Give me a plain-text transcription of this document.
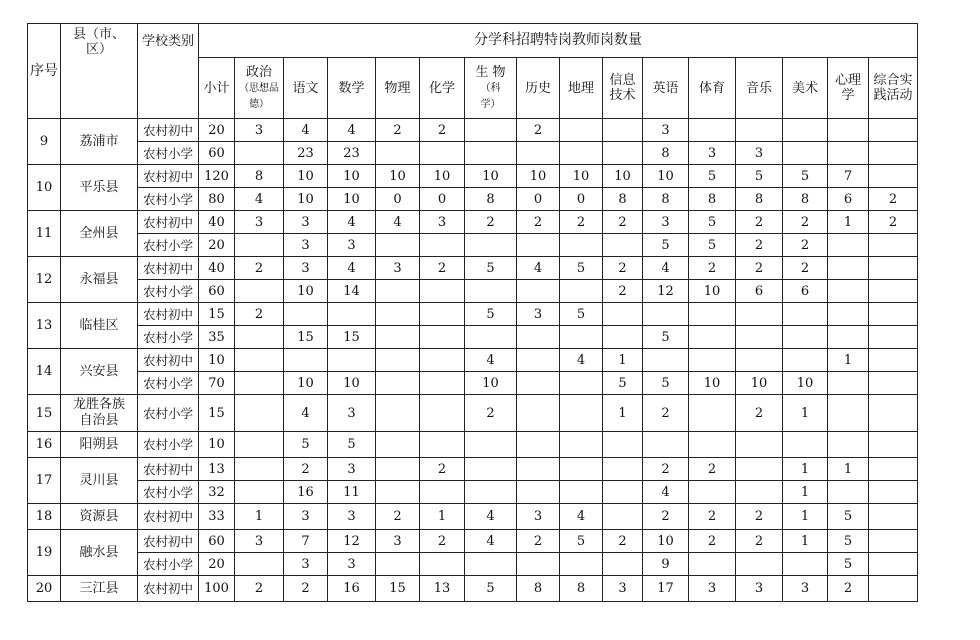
序号	县（市、
区）	学校类别	分学科招聘特岗教师岗数量															
			小计	政治
（思想品
德）	语文	数学	物理	化学	生 物
（科
学）	历史	地理	信息
技术	英语	体育	音乐	美术	心理
学	综合实
践活动
9	荔浦市	农村初中	20	3	4	4	2	2		2			3					
		农村小学	60		23	23							8	3	3			
10	平乐县	农村初中	120	8	10	10	10	10	10	10	10	10	10	5	5	5	7	
		农村小学	80	4	10	10	0	0	8	0	0	8	8	8	8	8	6	2
11	全州县	农村初中	40	3	3	4	4	3	2	2	2	2	3	5	2	2	1	2
		农村小学	20		3	3							5	5	2	2		
12	永福县	农村初中	40	2	3	4	3	2	5	4	5	2	4	2	2	2		
		农村小学	60		10	14						2	12	10	6	6		
13	临桂区	农村初中	15	2					5	3	5							
		农村小学	35		15	15							5					
14	兴安县	农村初中	10						4		4	1					1	
		农村小学	70		10	10			10			5	5	10	10	10		
15	龙胜各族自治县	农村小学	15		4	3			2			1	2		2	1		
16	阳朔县	农村小学	10		5	5												
17	灵川县	农村初中	13		2	3		2					2	2		1	1	
		农村小学	32		16	11							4			1		
18	资源县	农村初中	33	1	3	3	2	1	4	3	4		2	2	2	1	5	
19	融水县	农村初中	60	3	7	12	3	2	4	2	5	2	10	2	2	1	5	
		农村小学	20		3	3							9				5	
20	三江县	农村初中	100	2	2	16	15	13	5	8	8	3	17	3	3	3	2	
